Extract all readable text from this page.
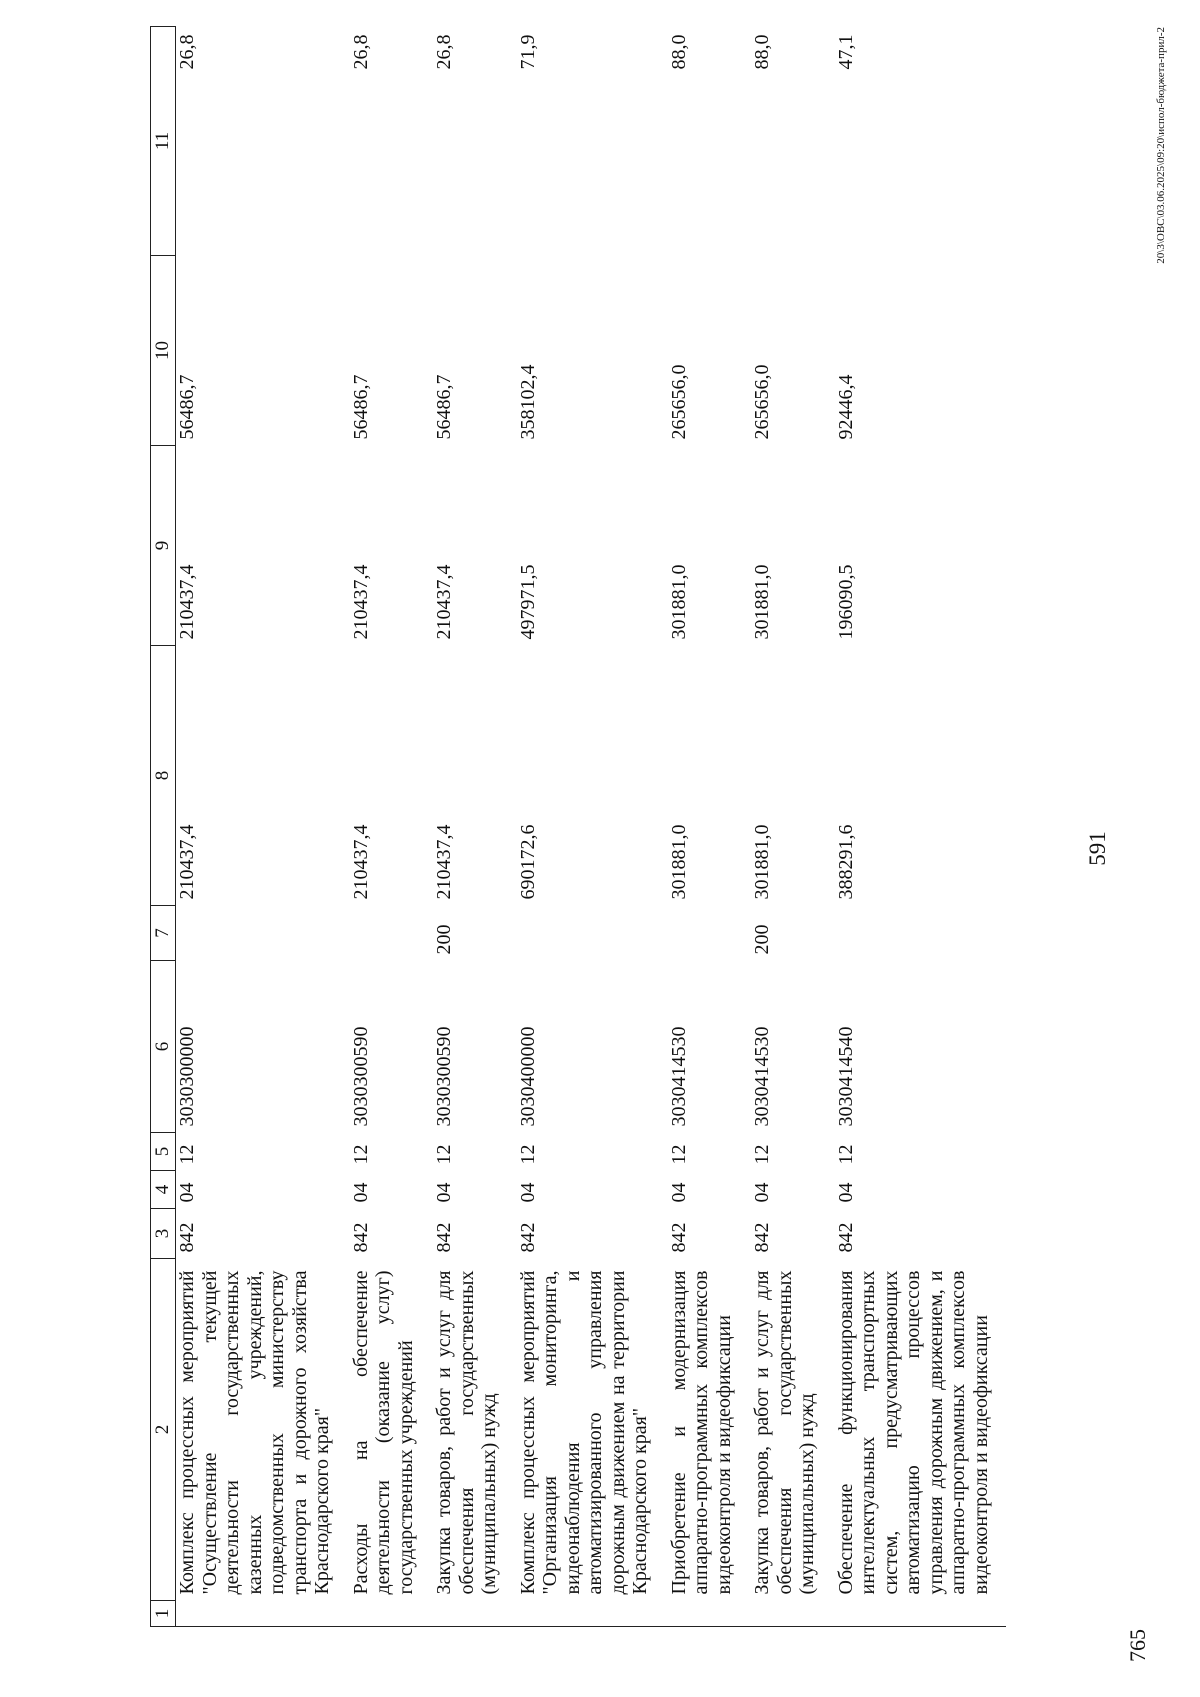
591
1	2	3	4	5	6	7	8	9	10	11
	Комплекс процессных мероприятий "Осуществление текущей деятельности государственных казенных учреждений, подведомственных министерству транспорта и дорожного хозяйства Краснодарского края"	842	04	12	3030300000		210437,4	210437,4	56486,7	26,8
	Расходы на обеспечение деятельности (оказание услуг) государственных учреждений	842	04	12	3030300590		210437,4	210437,4	56486,7	26,8
	Закупка товаров, работ и услуг для обеспечения государственных (муниципальных) нужд	842	04	12	3030300590	200	210437,4	210437,4	56486,7	26,8
	Комплекс процессных мероприятий "Организация мониторинга, видеонаблюдения и автоматизированного управления дорожным движением на территории Краснодарского края"	842	04	12	3030400000		690172,6	497971,5	358102,4	71,9
	Приобретение и модернизация аппаратно-программных комплексов видеоконтроля и видеофиксации	842	04	12	3030414530		301881,0	301881,0	265656,0	88,0
	Закупка товаров, работ и услуг для обеспечения государственных (муниципальных) нужд	842	04	12	3030414530	200	301881,0	301881,0	265656,0	88,0
	Обеспечение функционирования интеллектуальных транспортных систем, предусматривающих автоматизацию процессов управления дорожным движением, и аппаратно-программных комплексов видеоконтроля и видеофиксации	842	04	12	3030414540		388291,6	196090,5	92446,4	47,1
765
20\3\OBC\03.06.2025\09:20\испол-бюджета-прил-2
